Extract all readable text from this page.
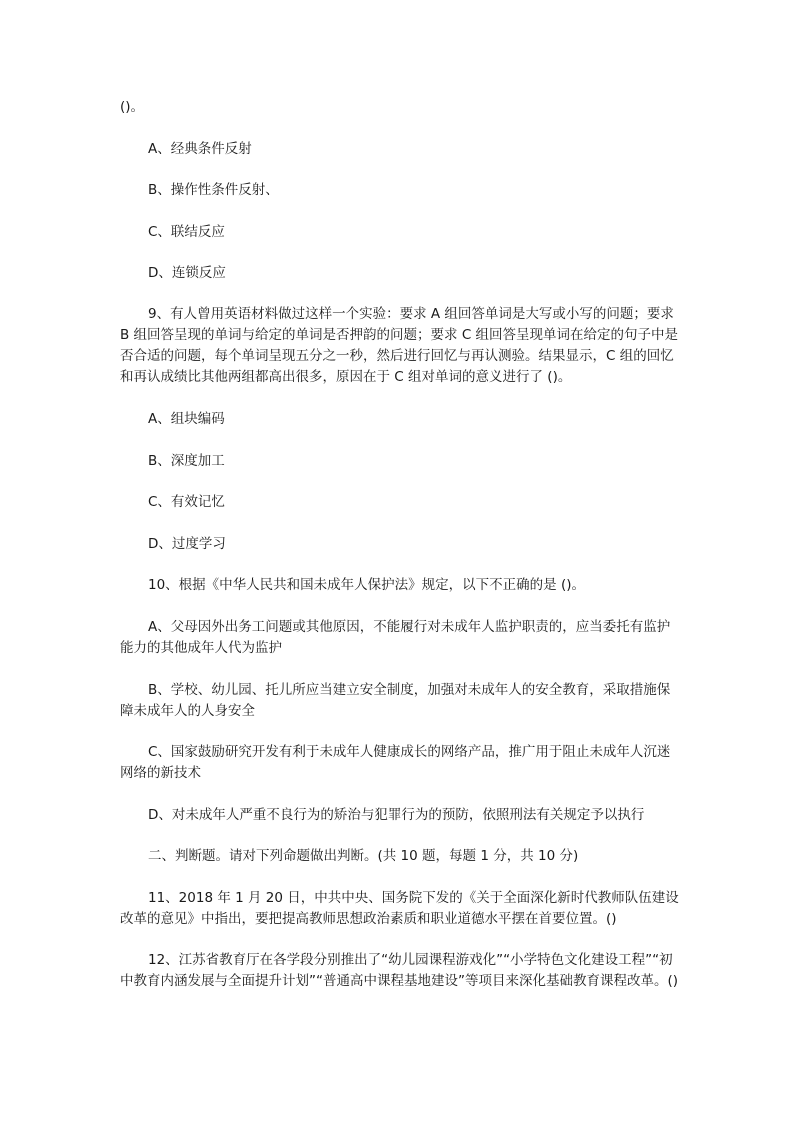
()。

A、经典条件反射

B、操作性条件反射、

C、联结反应

D、连锁反应

9、有人曾用英语材料做过这样一个实验：要求 A 组回答单词是大写或小写的问题；要求 B 组回答呈现的单词与给定的单词是否押韵的问题；要求 C 组回答呈现单词在给定的句子中是否合适的问题，每个单词呈现五分之一秒，然后进行回忆与再认测验。结果显示，C 组的回忆和再认成绩比其他两组都高出很多，原因在于 C 组对单词的意义进行了 ()。

A、组块编码

B、深度加工

C、有效记忆

D、过度学习

10、根据《中华人民共和国未成年人保护法》规定，以下不正确的是 ()。

A、父母因外出务工问题或其他原因，不能履行对未成年人监护职责的，应当委托有监护能力的其他成年人代为监护

B、学校、幼儿园、托儿所应当建立安全制度，加强对未成年人的安全教育，采取措施保障未成年人的人身安全

C、国家鼓励研究开发有利于未成年人健康成长的网络产品，推广用于阻止未成年人沉迷网络的新技术

D、对未成年人严重不良行为的矫治与犯罪行为的预防，依照刑法有关规定予以执行

二、判断题。请对下列命题做出判断。(共 10 题，每题 1 分，共 10 分)

11、2018 年 1 月 20 日，中共中央、国务院下发的《关于全面深化新时代教师队伍建设改革的意见》中指出，要把提高教师思想政治素质和职业道德水平摆在首要位置。()

12、江苏省教育厅在各学段分别推出了“幼儿园课程游戏化”“小学特色文化建设工程”“初中教育内涵发展与全面提升计划”“普通高中课程基地建设”等项目来深化基础教育课程改革。()
